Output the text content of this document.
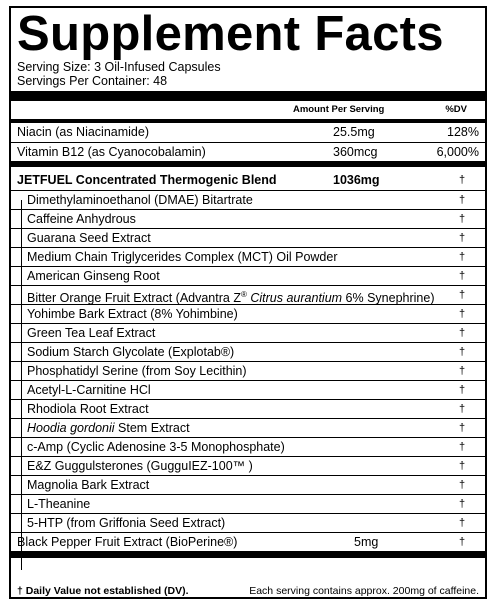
Supplement Facts
Serving Size: 3 Oil-Infused Capsules
Servings Per Container: 48
Amount Per Serving	%DV
Niacin (as Niacinamide)	25.5mg	128%
Vitamin B12 (as Cyanocobalamin)	360mcg	6,000%
JETFUEL Concentrated Thermogenic Blend	1036mg	†
Dimethylaminoethanol (DMAE) Bitartrate	†
Caffeine Anhydrous	†
Guarana Seed Extract	†
Medium Chain Triglycerides Complex (MCT) Oil Powder	†
American Ginseng Root	†
Bitter Orange Fruit Extract (Advantra Z® Citrus aurantium 6% Synephrine) †
Yohimbe Bark Extract (8% Yohimbine)	†
Green Tea Leaf Extract	†
Sodium Starch Glycolate (Explotab®)	†
Phosphatidyl Serine (from Soy Lecithin)	†
Acetyl-L-Carnitine HCl	†
Rhodiola Root Extract	†
Hoodia gordonii Stem Extract	†
c-Amp (Cyclic Adenosine 3-5 Monophosphate)	†
E&Z Guggulsterones (GugguIEZ-100™ )	†
Magnolia Bark Extract	†
L-Theanine	†
5-HTP (from Griffonia Seed Extract)	†
Black Pepper Fruit Extract (BioPerine®)	5mg	†
† Daily Value not established (DV).	Each serving contains approx. 200mg of caffeine.
